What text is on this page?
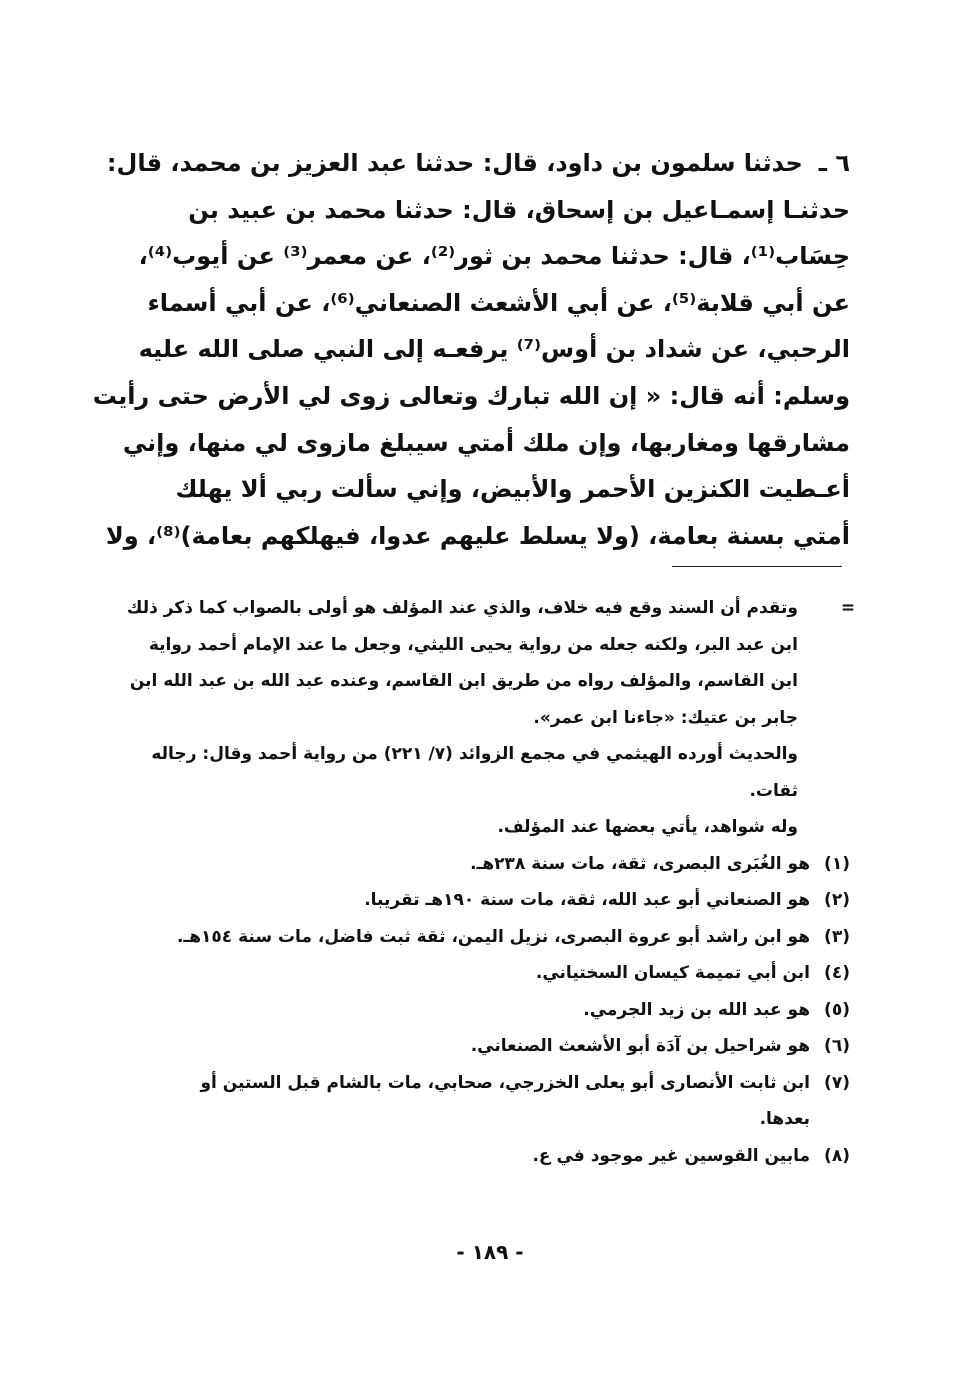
٦ ـحدثنا سلمون بن داود، قال: حدثنا عبد العزيز بن محمد، قال:
حدثنـا إسمـاعيل بن إسحاق، قال: حدثنا محمد بن عبيد بن
حِسَاب⁽¹⁾، قال: حدثنا محمد بن ثور⁽²⁾، عن معمر⁽³⁾ عن أيوب⁽⁴⁾،
عن أبي قلابة⁽⁵⁾، عن أبي الأشعث الصنعاني⁽⁶⁾، عن أبي أسماء
الرحبي، عن شداد بن أوس⁽⁷⁾ يرفعـه إلى النبي صلى الله عليه
وسلم: أنه قال: « إن الله تبارك وتعالى زوى لي الأرض حتى رأيت
مشارقها ومغاربها، وإن ملك أمتي سيبلغ مازوى لي منها، وإني
أعـطيت الكنزين الأحمر والأبيض، وإني سألت ربي ألا يهلك
أمتي بسنة بعامة، (ولا يسلط عليهم عدوا، فيهلكهم بعامة)⁽⁸⁾، ولا
=
وتقدم أن السند وقع فيه خلاف، والذي عند المؤلف هو أولى بالصواب كما ذكر ذلك
ابن عبد البر، ولكنه جعله من رواية يحيى الليثي، وجعل ما عند الإمام أحمد رواية
ابن القاسم، والمؤلف رواه من طريق ابن القاسم، وعنده عبد الله بن عبد الله ابن
جابر بن عتيك: «جاءنا ابن عمر».
والحديث أورده الهيثمي في مجمع الزوائد (٧/ ٢٢١) من رواية أحمد وقال: رجاله
ثقات.
وله شواهد، يأتي بعضها عند المؤلف.
(١)هو الغُبَرى البصرى، ثقة، مات سنة ٢٣٨هـ.
(٢)هو الصنعاني أبو عبد الله، ثقة، مات سنة ١٩٠هـ تقريبا.
(٣)هو ابن راشد أبو عروة البصرى، نزيل اليمن، ثقة ثبت فاضل، مات سنة ١٥٤هـ.
(٤)ابن أبي تميمة كيسان السختياني.
(٥)هو عبد الله بن زيد الجرمي.
(٦)هو شراحيل بن آدَة أبو الأشعث الصنعاني.
(٧)ابن ثابت الأنصارى أبو يعلى الخزرجي، صحابي، مات بالشام قبل الستين أو
بعدها.
(٨)مابين القوسين غير موجود في ع.
- ١٨٩ -
